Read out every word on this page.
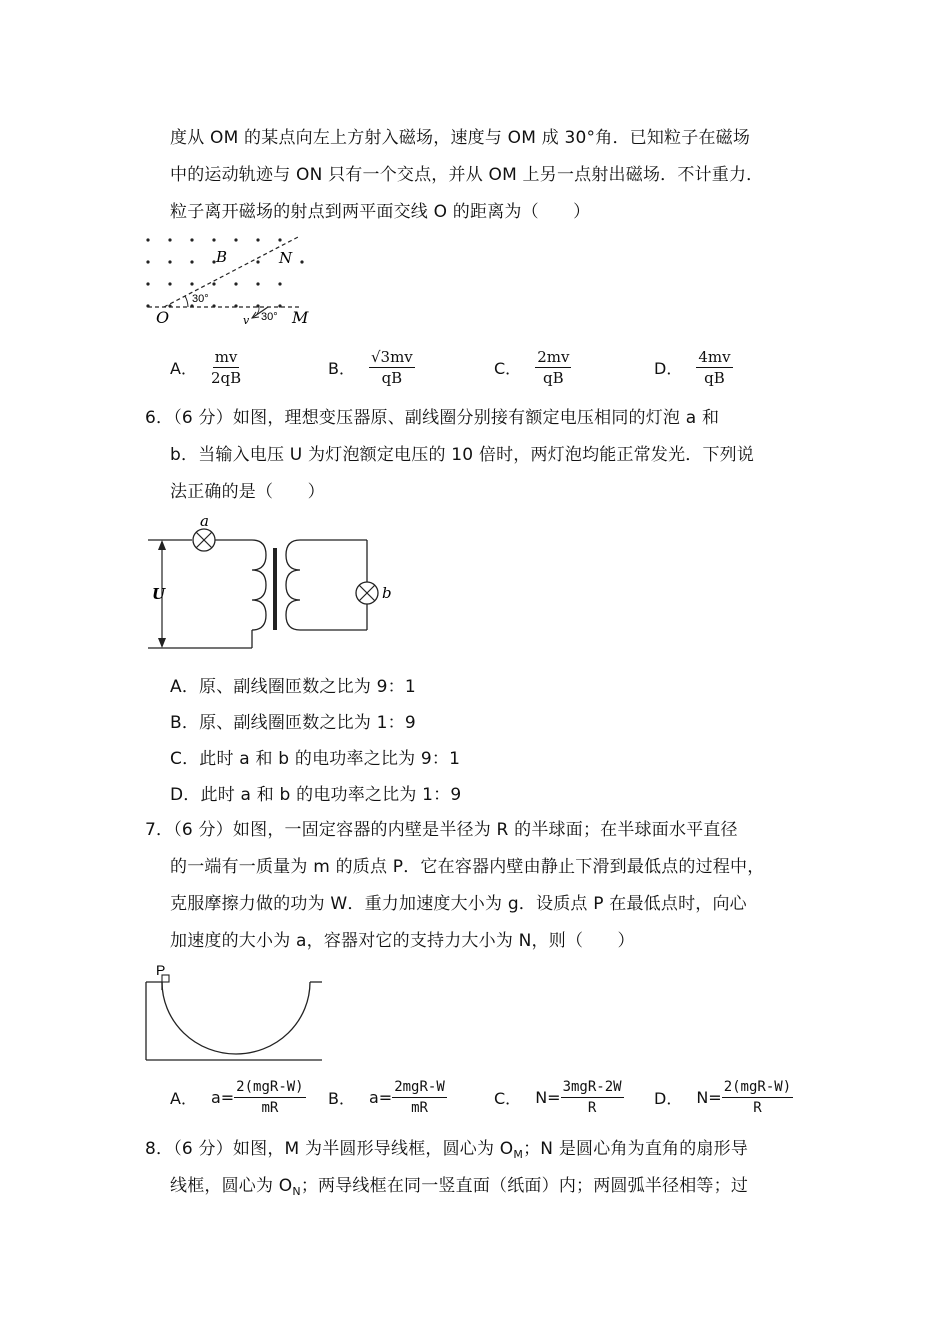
度从 OM 的某点向左上方射入磁场，速度与 OM 成 30°角．已知粒子在磁场
中的运动轨迹与 ON 只有一个交点，并从 OM 上另一点射出磁场．不计重力．
粒子离开磁场的射点到两平面交线 O 的距离为（　　）
B	N
O	M
v
30°
30°
A． $\frac{mv}{2qB}$	B． $\frac{√3mv}{qB}$	C． $\frac{2mv}{qB}$	D． $\frac{4mv}{qB}$
6．（6 分）如图，理想变压器原、副线圈分别接有额定电压相同的灯泡 a 和
b．当输入电压 U 为灯泡额定电压的 10 倍时，两灯泡均能正常发光．下列说
法正确的是（　　）
a
b
U
A．原、副线圈匝数之比为 9：1
B．原、副线圈匝数之比为 1：9
C．此时 a 和 b 的电功率之比为 9：1
D．此时 a 和 b 的电功率之比为 1：9
7．（6 分）如图，一固定容器的内壁是半径为 R 的半球面；在半球面水平直径
的一端有一质量为 m 的质点 P．它在容器内壁由静止下滑到最低点的过程中，
克服摩擦力做的功为 W．重力加速度大小为 g．设质点 P 在最低点时，向心
加速度的大小为 a，容器对它的支持力大小为 N，则（　　）
P
A． $a= \frac{\text{2(mgR-W)}}{mR}$ B． $a= \frac{\text{2mgR-W}}{mR}$	C． $N= \frac{\text{3mgR-2W}}{R}$ D． $N= \frac{\text{2(mgR-W)}}{R}$
8．（6 分）如图，M 为半圆形导线框，圆心为 $O_M$；N 是圆心角为直角的扇形导
线框，圆心为 $O_N$；两导线框在同一竖直面（纸面）内；两圆弧半径相等；过
